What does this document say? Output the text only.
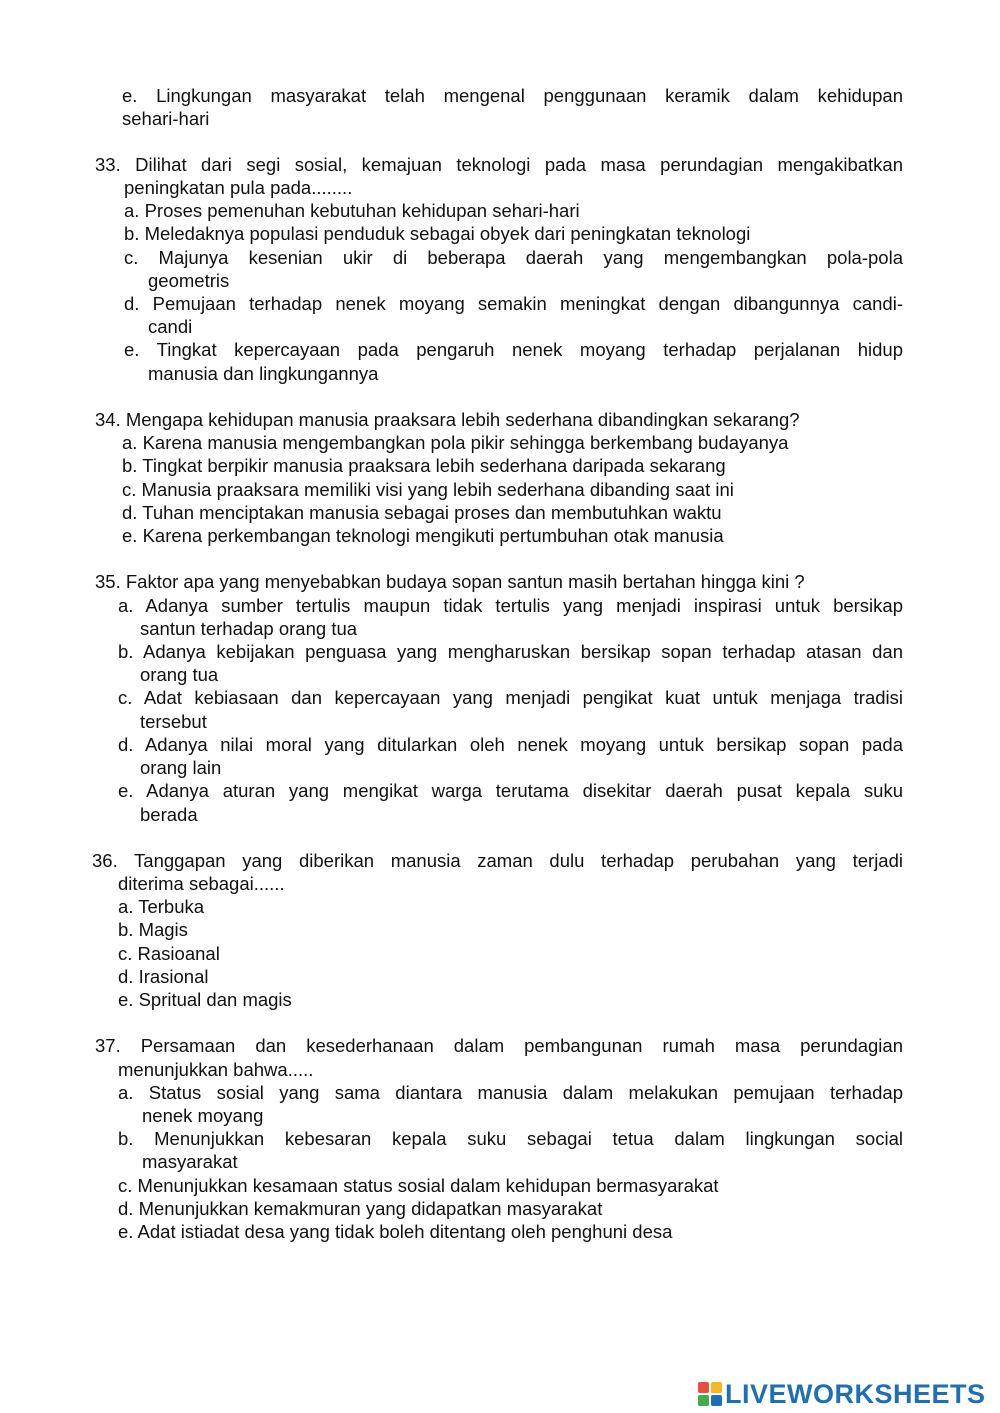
e. Lingkungan masyarakat telah mengenal penggunaan keramik dalam kehidupan
sehari-hari
33. Dilihat dari segi sosial, kemajuan teknologi pada masa perundagian mengakibatkan
peningkatan pula pada........
a. Proses pemenuhan kebutuhan kehidupan sehari-hari
b. Meledaknya populasi penduduk sebagai obyek dari peningkatan teknologi
c. Majunya kesenian ukir di beberapa daerah yang mengembangkan pola-pola
geometris
d. Pemujaan terhadap nenek moyang semakin meningkat dengan dibangunnya candi-
candi
e. Tingkat kepercayaan pada pengaruh nenek moyang terhadap perjalanan hidup
manusia dan lingkungannya
34. Mengapa kehidupan manusia praaksara lebih sederhana dibandingkan sekarang?
a. Karena manusia mengembangkan pola pikir sehingga berkembang budayanya
b. Tingkat berpikir manusia praaksara lebih sederhana daripada sekarang
c. Manusia praaksara memiliki visi yang lebih sederhana dibanding saat ini
d. Tuhan menciptakan manusia sebagai proses dan membutuhkan waktu
e. Karena perkembangan teknologi mengikuti pertumbuhan otak manusia
35. Faktor apa yang menyebabkan budaya sopan santun masih bertahan hingga kini ?
a. Adanya sumber tertulis maupun tidak tertulis yang menjadi inspirasi untuk bersikap
santun terhadap orang tua
b. Adanya kebijakan penguasa yang mengharuskan bersikap sopan terhadap atasan dan
orang tua
c. Adat kebiasaan dan kepercayaan yang menjadi pengikat kuat untuk menjaga tradisi
tersebut
d. Adanya nilai moral yang ditularkan oleh nenek moyang untuk bersikap sopan pada
orang lain
e. Adanya aturan yang mengikat warga terutama disekitar daerah pusat kepala suku
berada
36. Tanggapan yang diberikan manusia zaman dulu terhadap perubahan yang terjadi
diterima sebagai......
a. Terbuka
b. Magis
c. Rasioanal
d. Irasional
e. Spritual dan magis
37. Persamaan dan kesederhanaan dalam pembangunan rumah masa perundagian
menunjukkan bahwa.....
a. Status sosial yang sama diantara manusia dalam melakukan pemujaan terhadap
nenek moyang
b. Menunjukkan kebesaran kepala suku sebagai tetua dalam lingkungan social
masyarakat
c. Menunjukkan kesamaan status sosial dalam kehidupan bermasyarakat
d. Menunjukkan kemakmuran yang didapatkan masyarakat
e. Adat istiadat desa yang tidak boleh ditentang oleh penghuni desa
LIVEWORKSHEETS
